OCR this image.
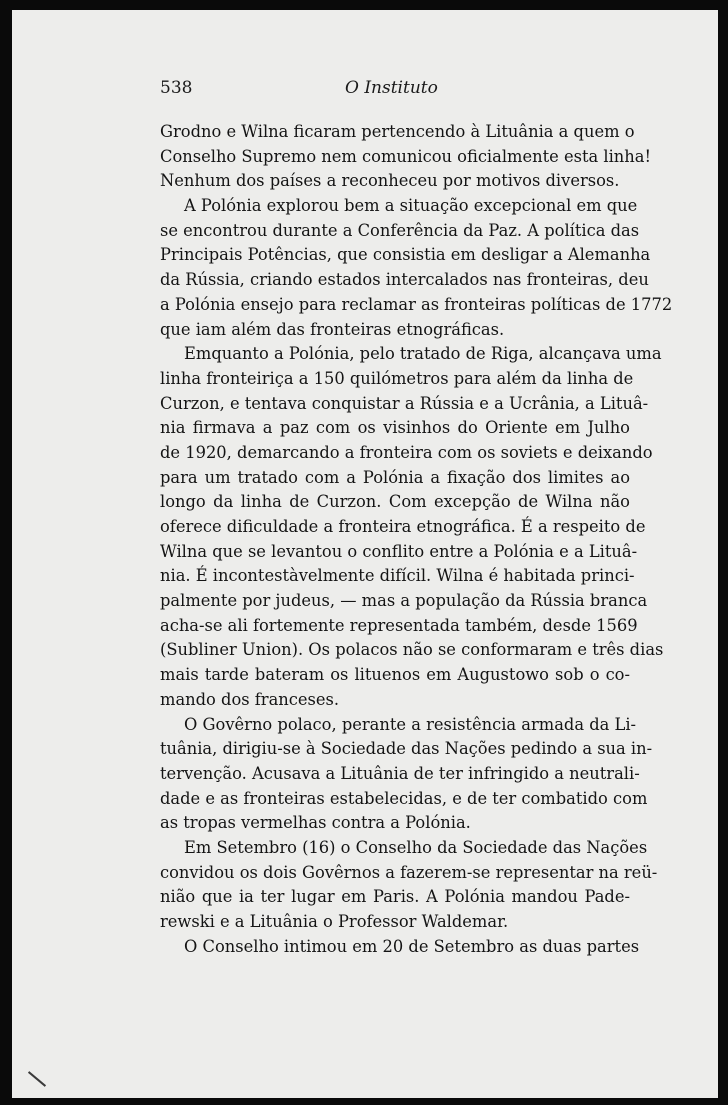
538	O Instituto
Grodno e Wilna ficaram pertencendo à Lituânia a quem o
Conselho Supremo nem comunicou oficialmente esta linha!
Nenhum dos países a reconheceu por motivos diversos.
A Polónia explorou bem a situação excepcional em que
se encontrou durante a Conferência da Paz. A política das
Principais Potências, que consistia em desligar a Alemanha
da Rússia, criando estados intercalados nas fronteiras, deu
a Polónia ensejo para reclamar as fronteiras políticas de 1772
que iam além das fronteiras etnográficas.
Emquanto a Polónia, pelo tratado de Riga, alcançava uma
linha fronteiriça a 150 quilómetros para além da linha de
Curzon, e tentava conquistar a Rússia e a Ucrânia, a Lituâ-
nia firmava a paz com os visinhos do Oriente em Julho
de 1920, demarcando a fronteira com os soviets e deixando
para um tratado com a Polónia a fixação dos limites ao
longo da linha de Curzon. Com excepção de Wilna não
oferece dificuldade a fronteira etnográfica. É a respeito de
Wilna que se levantou o conflito entre a Polónia e a Lituâ-
nia. É incontestàvelmente difícil. Wilna é habitada princi-
palmente por judeus, — mas a população da Rússia branca
acha-se ali fortemente representada também, desde 1569
(Subliner Union). Os polacos não se conformaram e três dias
mais tarde bateram os lituenos em Augustowo sob o co-
mando dos franceses.
O Govêrno polaco, perante a resistência armada da Li-
tuânia, dirigiu-se à Sociedade das Nações pedindo a sua in-
tervenção. Acusava a Lituânia de ter infringido a neutrali-
dade e as fronteiras estabelecidas, e de ter combatido com
as tropas vermelhas contra a Polónia.
Em Setembro (16) o Conselho da Sociedade das Nações
convidou os dois Govêrnos a fazerem-se representar na reü-
nião que ia ter lugar em Paris. A Polónia mandou Pade-
rewski e a Lituânia o Professor Waldemar.
O Conselho intimou em 20 de Setembro as duas partes
